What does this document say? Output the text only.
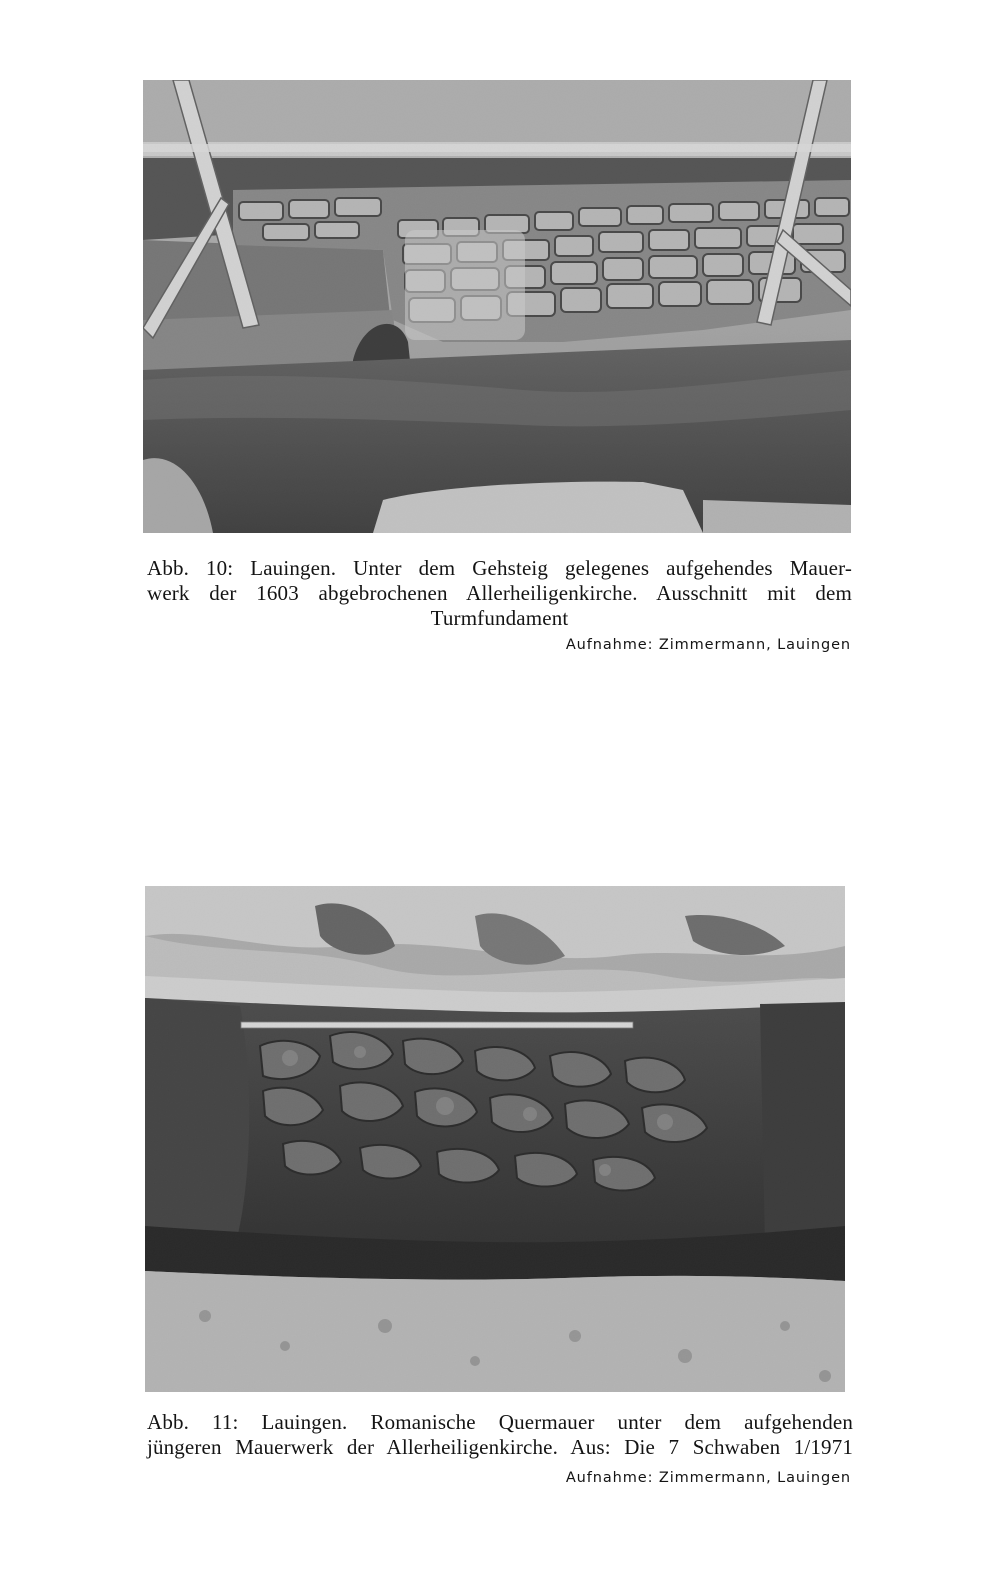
Abb. 10: Lauingen. Unter dem Gehsteig gelegenes aufgehendes Mauer-
werk der 1603 abgebrochenen Allerheiligenkirche. Ausschnitt mit dem
Turmfundament

Aufnahme: Zimmermann, Lauingen

Abb. 11: Lauingen. Romanische Quermauer unter dem aufgehenden
jüngeren Mauerwerk der Allerheiligenkirche. Aus: Die 7 Schwaben 1/1971

Aufnahme: Zimmermann, Lauingen
